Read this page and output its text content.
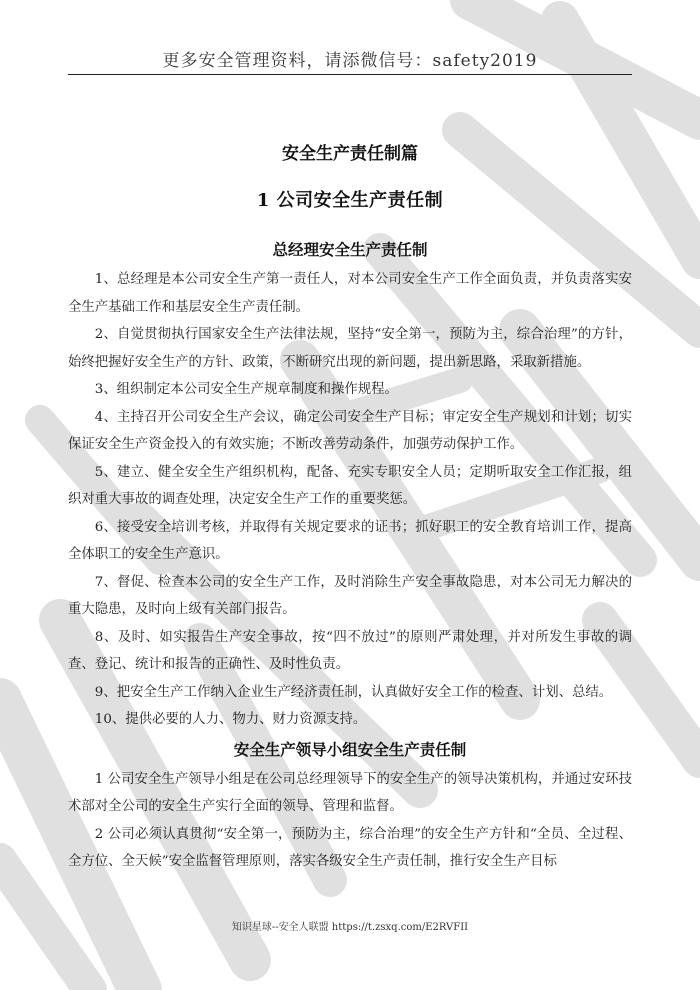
更多安全管理资料，请添微信号：safety2019
安全生产责任制篇
1 公司安全生产责任制
总经理安全生产责任制

1、总经理是本公司安全生产第一责任人，对本公司安全生产工作全面负责，并负责落实安全生产基础工作和基层安全生产责任制。

2、自觉贯彻执行国家安全生产法律法规，坚持“安全第一，预防为主，综合治理”的方针，始终把握好安全生产的方针、政策，不断研究出现的新问题，提出新思路，采取新措施。

3、组织制定本公司安全生产规章制度和操作规程。

4、主持召开公司安全生产会议，确定公司安全生产目标；审定安全生产规划和计划；切实保证安全生产资金投入的有效实施；不断改善劳动条件，加强劳动保护工作。

5、建立、健全安全生产组织机构，配备、充实专职安全人员；定期听取安全工作汇报，组织对重大事故的调查处理，决定安全生产工作的重要奖惩。

6、接受安全培训考核，并取得有关规定要求的证书；抓好职工的安全教育培训工作，提高全体职工的安全生产意识。

7、督促、检查本公司的安全生产工作，及时消除生产安全事故隐患，对本公司无力解决的重大隐患，及时向上级有关部门报告。

8、及时、如实报告生产安全事故，按“四不放过”的原则严肃处理，并对所发生事故的调查、登记、统计和报告的正确性、及时性负责。

9、把安全生产工作纳入企业生产经济责任制，认真做好安全工作的检查、计划、总结。

10、提供必要的人力、物力、财力资源支持。

安全生产领导小组安全生产责任制

1 公司安全生产领导小组是在公司总经理领导下的安全生产的领导决策机构，并通过安环技术部对全公司的安全生产实行全面的领导、管理和监督。

2 公司必须认真贯彻“安全第一，预防为主，综合治理”的安全生产方针和“全员、全过程、全方位、全天候”安全监督管理原则，落实各级安全生产责任制，推行安全生产目标

知识星球--安全人联盟 https://t.zsxq.com/E2RVFII
